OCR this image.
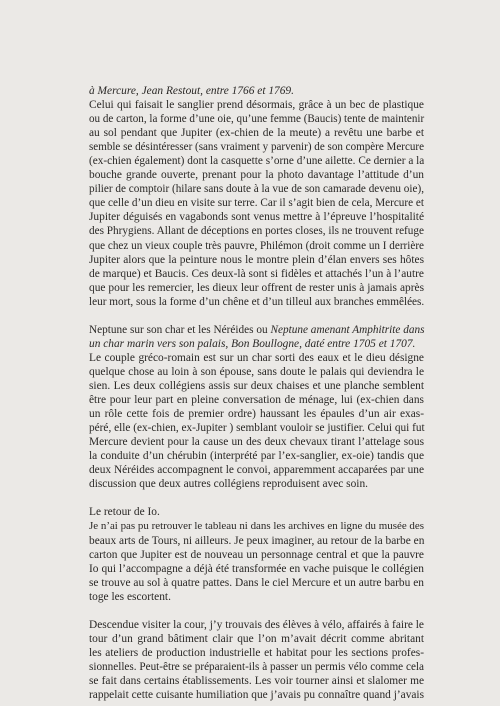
à Mercure, Jean Restout, entre 1766 et 1769.
Celui qui faisait le sanglier prend désormais, grâce à un bec de plastique
ou de carton, la forme d’une oie, qu’une femme (Baucis) tente de maintenir
au sol pendant que Jupiter (ex-chien de la meute) a revêtu une barbe et
semble se désintéresser (sans vraiment y parvenir) de son compère Mercure
(ex-chien également) dont la casquette s’orne d’une ailette. Ce dernier a la
bouche grande ouverte, prenant pour la photo davantage l’attitude d’un
pilier de comptoir (hilare sans doute à la vue de son camarade devenu oie),
que celle d’un dieu en visite sur terre. Car il s’agit bien de cela, Mercure et
Jupiter déguisés en vagabonds sont venus mettre à l’épreuve l’hospitalité
des Phrygiens. Allant de déceptions en portes closes, ils ne trouvent refuge
que chez un vieux couple très pauvre, Philémon (droit comme un I derrière
Jupiter alors que la peinture nous le montre plein d’élan envers ses hôtes
de marque) et Baucis. Ces deux-là sont si fidèles et attachés l’un à l’autre
que pour les remercier, les dieux leur offrent de rester unis à jamais après
leur mort, sous la forme d’un chêne et d’un tilleul aux branches emmêlées.
Neptune sur son char et les Néréides ou Neptune amenant Amphitrite dans
un char marin vers son palais, Bon Boullogne, daté entre 1705 et 1707.
Le couple gréco-romain est sur un char sorti des eaux et le dieu désigne
quelque chose au loin à son épouse, sans doute le palais qui deviendra le
sien. Les deux collégiens assis sur deux chaises et une planche semblent
être pour leur part en pleine conversation de ménage, lui (ex-chien dans
un rôle cette fois de premier ordre) haussant les épaules d’un air exas-
péré, elle (ex-chien, ex-Jupiter ) semblant vouloir se justifier. Celui qui fut
Mercure devient pour la cause un des deux chevaux tirant l’attelage sous
la conduite d’un chérubin (interprété par l’ex-sanglier, ex-oie) tandis que
deux Néréides accompagnent le convoi, apparemment accaparées par une
discussion que deux autres collégiens reproduisent avec soin.
Le retour de Io.
Je n’ai pas pu retrouver le tableau ni dans les archives en ligne du musée des
beaux arts de Tours, ni ailleurs. Je peux imaginer, au retour de la barbe en
carton que Jupiter est de nouveau un personnage central et que la pauvre
Io qui l’accompagne a déjà été transformée en vache puisque le collégien
se trouve au sol à quatre pattes. Dans le ciel Mercure et un autre barbu en
toge les escortent.
Descendue visiter la cour, j’y trouvais des élèves à vélo, affairés à faire le
tour d’un grand bâtiment clair que l’on m’avait décrit comme abritant
les ateliers de production industrielle et habitat pour les sections profes-
sionnelles. Peut-être se préparaient-ils à passer un permis vélo comme cela
se fait dans certains établissements. Les voir tourner ainsi et slalomer me
rappelait cette cuisante humiliation que j’avais pu connaître quand j’avais
